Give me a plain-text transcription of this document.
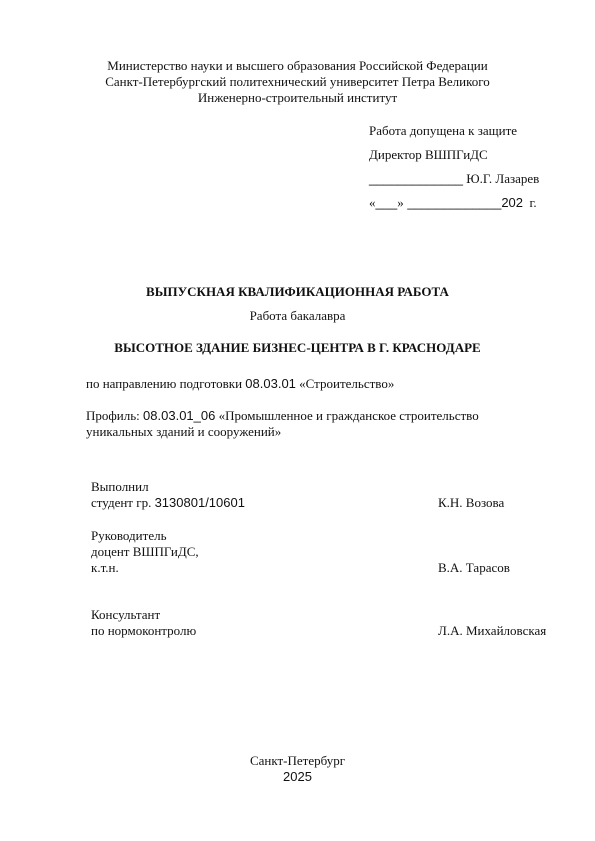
Министерство науки и высшего образования Российской Федерации
Санкт-Петербургский политехнический университет Петра Великого
Инженерно-строительный институт
Работа допущена к защите
Директор ВШПГиДС
_____________ Ю.Г. Лазарев
«___» _____________202  г.
ВЫПУСКНАЯ КВАЛИФИКАЦИОННАЯ РАБОТА
Работа бакалавра
ВЫСОТНОЕ ЗДАНИЕ БИЗНЕС-ЦЕНТРА В Г. КРАСНОДАРЕ
по направлению подготовки 08.03.01 «Строительство»
Профиль: 08.03.01_06 «Промышленное и гражданское строительство
уникальных зданий и сооружений»
Выполнил
студент гр. 3130801/10601	К.Н. Возова
Руководитель
доцент ВШПГиДС,
к.т.н.	В.А. Тарасов
Консультант
по нормоконтролю	Л.А. Михайловская
Санкт-Петербург
2025
